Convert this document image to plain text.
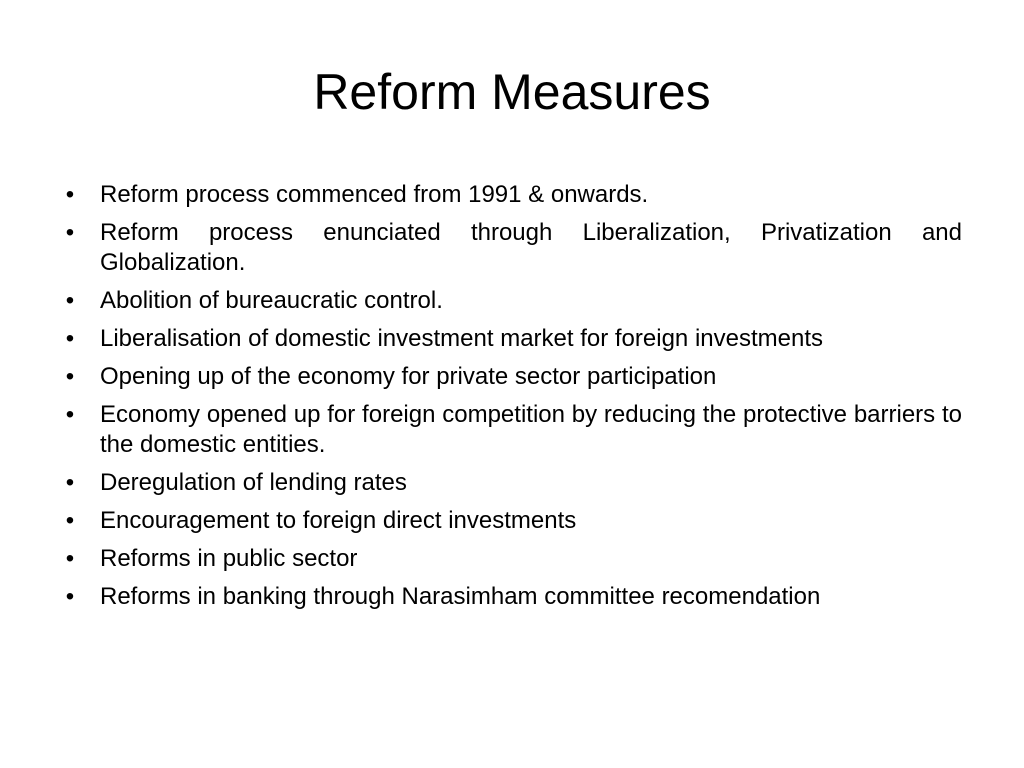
Reform Measures
• Reform process commenced from 1991 & onwards.
• Reform process enunciated through Liberalization, Privatization and Globalization.
• Abolition of bureaucratic control.
• Liberalisation of domestic investment market for foreign investments
• Opening up of the economy for private sector participation
• Economy opened up for foreign competition by reducing the protective barriers to the domestic entities.
• Deregulation of lending rates
• Encouragement to foreign direct investments
• Reforms in public sector
• Reforms in banking through Narasimham committee recomendation
